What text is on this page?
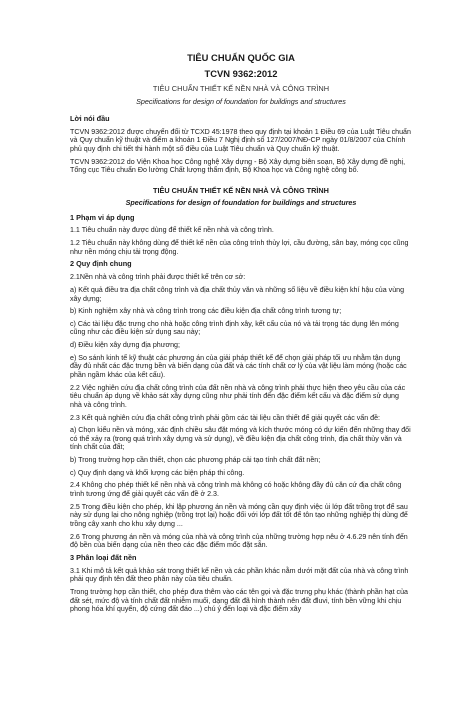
TIÊU CHUẨN QUỐC GIA
TCVN 9362:2012
TIÊU CHUẨN THIẾT KẾ NỀN NHÀ VÀ CÔNG TRÌNH
Specifications for design of foundation for buildings and structures
Lời nói đầu

TCVN 9362:2012 được chuyển đổi từ TCXD 45:1978 theo quy định tại khoản 1 Điều 69 của Luật Tiêu chuẩn và Quy chuẩn kỹ thuật và điểm a khoản 1 Điều 7 Nghị định số 127/2007/NĐ-CP ngày 01/8/2007 của Chính phủ quy định chi tiết thi hành một số điều của Luật Tiêu chuẩn và Quy chuẩn kỹ thuật.

TCVN 9362:2012 do Viện Khoa học Công nghệ Xây dựng - Bộ Xây dựng biên soạn, Bộ Xây dựng đề nghị, Tổng cục Tiêu chuẩn Đo lường Chất lượng thẩm định, Bộ Khoa học và Công nghệ công bố.

TIÊU CHUẨN THIẾT KẾ NỀN NHÀ VÀ CÔNG TRÌNH
Specifications for design of foundation for buildings and structures
1 Phạm vi áp dụng

1.1 Tiêu chuẩn này được dùng để thiết kế nền nhà và công trình.

1.2 Tiêu chuẩn này không dùng để thiết kế nền của công trình thủy lợi, cầu đường, sân bay, móng cọc cũng như nền móng chịu tải trọng động.

2 Quy định chung

2.1Nền nhà và công trình phải được thiết kế trên cơ sở:

a) Kết quả điều tra địa chất công trình và địa chất thủy văn và những số liệu về điều kiện khí hậu của vùng xây dựng;

b) Kinh nghiệm xây nhà và công trình trong các điều kiện địa chất công trình tương tự;

c) Các tài liệu đặc trưng cho nhà hoặc công trình định xây, kết cấu của nó và tải trọng tác dụng lên móng cũng như các điều kiện sử dụng sau này;

d) Điều kiện xây dựng địa phương;

e) So sánh kinh tế kỹ thuật các phương án của giải pháp thiết kế để chọn giải pháp tối ưu nhằm tận dụng đầy đủ nhất các đặc trưng bền và biến dạng của đất và các tính chất cơ lý của vật liệu làm móng (hoặc các phần ngầm khác của kết cấu).

2.2 Việc nghiên cứu địa chất công trình của đất nền nhà và công trình phải thực hiện theo yêu cầu của các tiêu chuẩn áp dụng về khảo sát xây dựng cũng như phải tính đến đặc điểm kết cấu và đặc điểm sử dụng nhà và công trình.

2.3 Kết quả nghiên cứu địa chất công trình phải gồm các tài liệu cần thiết để giải quyết các vấn đề:

a) Chọn kiểu nền và móng, xác định chiều sâu đặt móng và kích thước móng có dự kiến đến những thay đổi có thể xảy ra (trong quá trình xây dựng và sử dụng), về điều kiện địa chất công trình, địa chất thủy văn và tính chất của đất;

b) Trong trường hợp cần thiết, chọn các phương pháp cải tạo tính chất đất nền;

c) Quy định dạng và khối lượng các biện pháp thi công.

2.4 Không cho phép thiết kế nền nhà và công trình mà không có hoặc không đầy đủ căn cứ địa chất công trình tương ứng để giải quyết các vấn đề ở 2.3.

2.5 Trong điều kiện cho phép, khi lập phương án nền và móng cần quy định việc ủi lớp đất trồng trọt để sau này sử dụng lại cho nông nghiệp (trồng trọt lại) hoặc đối với lớp đất tốt để tôn tạo những nghiệp thị dùng để trồng cây xanh cho khu xây dựng ...

2.6 Trong phương án nền và móng của nhà và công trình của những trường hợp nêu ở 4.6.29 nên tính đến độ bền của biến dạng của nền theo các đặc điểm mốc đặt sẵn.

3 Phân loại đất nền

3.1 Khi mô tả kết quả khảo sát trong thiết kế nền và các phần khác nằm dưới mặt đất của nhà và công trình phải quy định tên đất theo phân này của tiêu chuẩn.

Trong trường hợp cần thiết, cho phép đưa thêm vào các tên gọi và đặc trưng phụ khác (thành phần hạt của đất sét, mức độ và tính chất đất nhiễm muối, dạng đất đã hình thành nên đất đluvi, tính bền vững khi chịu phong hóa khí quyển, độ cứng đất đáo ...) chú ý đến loại và đặc điểm xây
